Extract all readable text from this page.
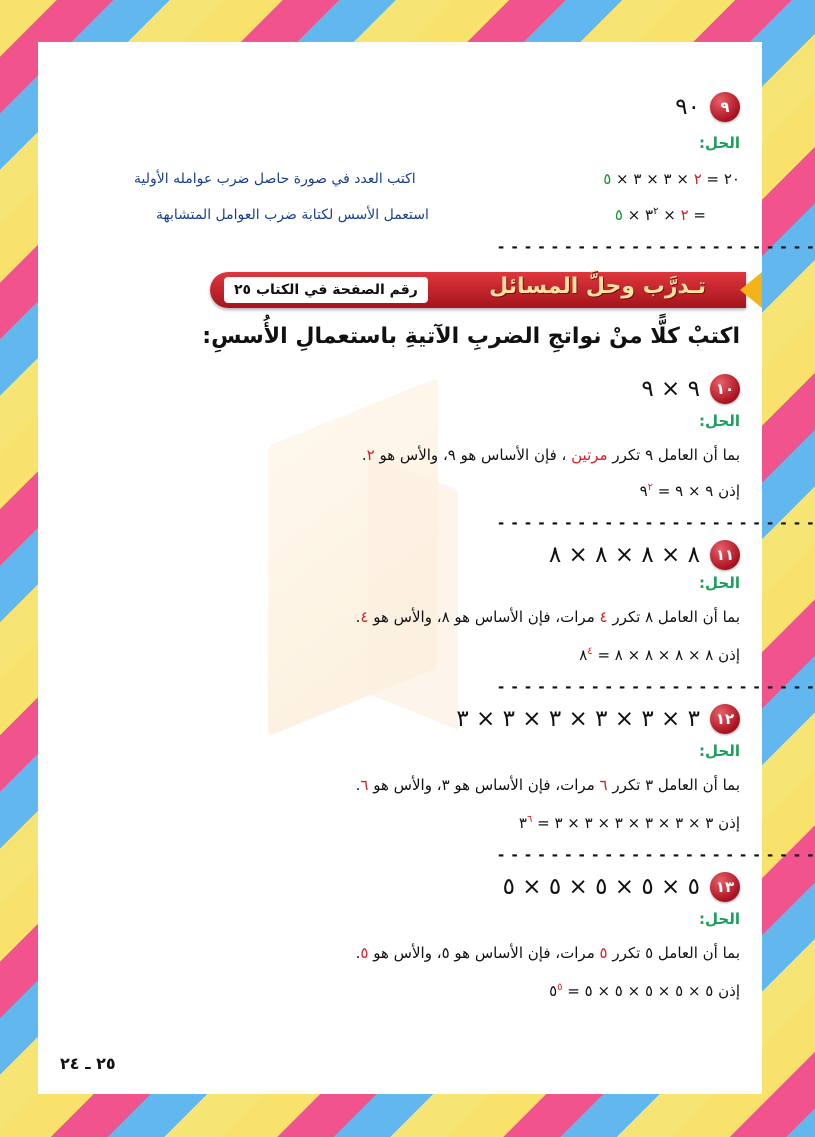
٩
٩٠
الحل:
٢٠ = ٢ × ٣ × ٣ × ٥
= ٢ × $٣^٢$ × ٥
اكتب العدد في صورة حاصل ضرب عوامله الأولية
استعمل الأسس لكتابة ضرب العوامل المتشابهة
- - - - - - - - - - - - - - - - - - - - - - - -
تـدرَّب وحلَّ المسائل
رقم الصفحة في الكتاب ٢٥
اكتبْ كلًّا منْ نواتجِ الضربِ الآتيةِ باستعمالِ الأُسسِ:
١٠
٩ × ٩
الحل:
بما أن العامل ٩ تكرر مرتين ، فإن الأساس هو ٩، والأس هو ٢.
إذن ٩ × ٩ = $٩^٢$
- - - - - - - - - - - - - - - - - - - - - - - -
١١
٨ × ٨ × ٨ × ٨
الحل:
بما أن العامل ٨ تكرر ٤ مرات، فإن الأساس هو ٨، والأس هو ٤.
إذن ٨ × ٨ × ٨ × ٨ = $٨^٤$
- - - - - - - - - - - - - - - - - - - - - - - -
١٢
٣ × ٣ × ٣ × ٣ × ٣ × ٣
الحل:
بما أن العامل ٣ تكرر ٦ مرات، فإن الأساس هو ٣، والأس هو ٦.
إذن ٣ × ٣ × ٣ × ٣ × ٣ × ٣ = $٣^٦$
- - - - - - - - - - - - - - - - - - - - - - - -
١٣
٥ × ٥ × ٥ × ٥ × ٥
الحل:
بما أن العامل ٥ تكرر ٥ مرات، فإن الأساس هو ٥، والأس هو ٥.
إذن ٥ × ٥ × ٥ × ٥ × ٥ = $٥^٥$
٢٥ ـ ٢٤
